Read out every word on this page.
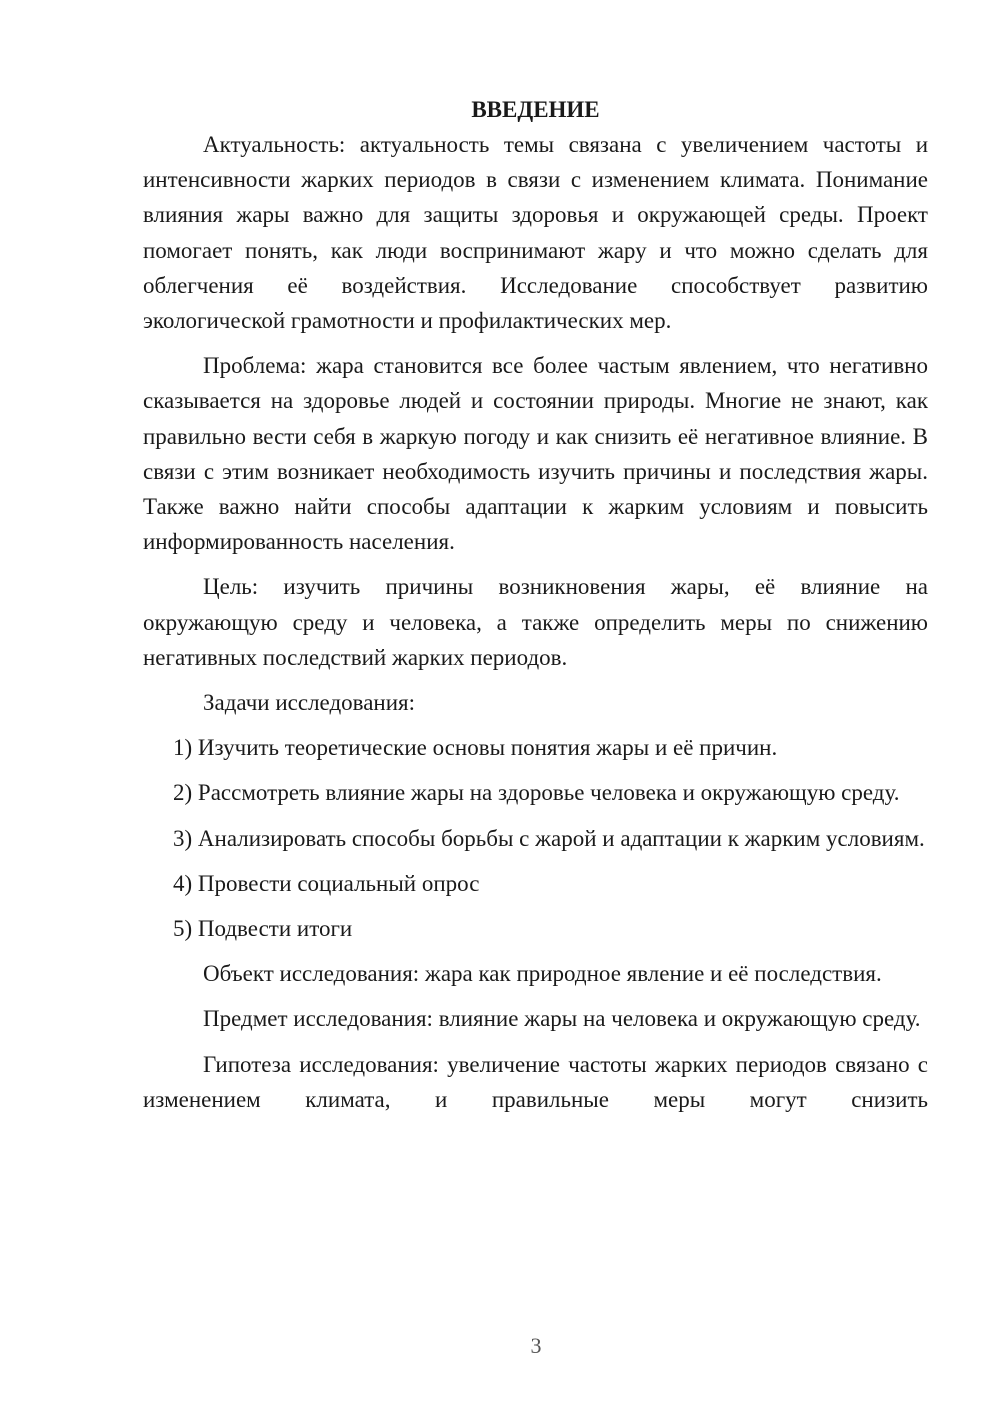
ВВЕДЕНИЕ

Актуальность: актуальность темы связана с увеличением частоты и интенсивности жарких периодов в связи с изменением климата. Понимание влияния жары важно для защиты здоровья и окружающей среды. Проект помогает понять, как люди воспринимают жару и что можно сделать для облегчения её воздействия. Исследование способствует развитию экологической грамотности и профилактических мер.

Проблема: жара становится все более частым явлением, что негативно сказывается на здоровье людей и состоянии природы. Многие не знают, как правильно вести себя в жаркую погоду и как снизить её негативное влияние. В связи с этим возникает необходимость изучить причины и последствия жары. Также важно найти способы адаптации к жарким условиям и повысить информированность населения.

Цель: изучить причины возникновения жары, её влияние на окружающую среду и человека, а также определить меры по снижению негативных последствий жарких периодов.

Задачи исследования:

1) Изучить теоретические основы понятия жары и её причин.

2) Рассмотреть влияние жары на здоровье человека и окружающую среду.

3) Анализировать способы борьбы с жарой и адаптации к жарким условиям.

4) Провести социальный опрос

5) Подвести итоги

Объект исследования: жара как природное явление и её последствия.

Предмет исследования: влияние жары на человека и окружающую среду.

Гипотеза исследования: увеличение частоты жарких периодов связано с изменением климата, и правильные меры могут снизить

3
